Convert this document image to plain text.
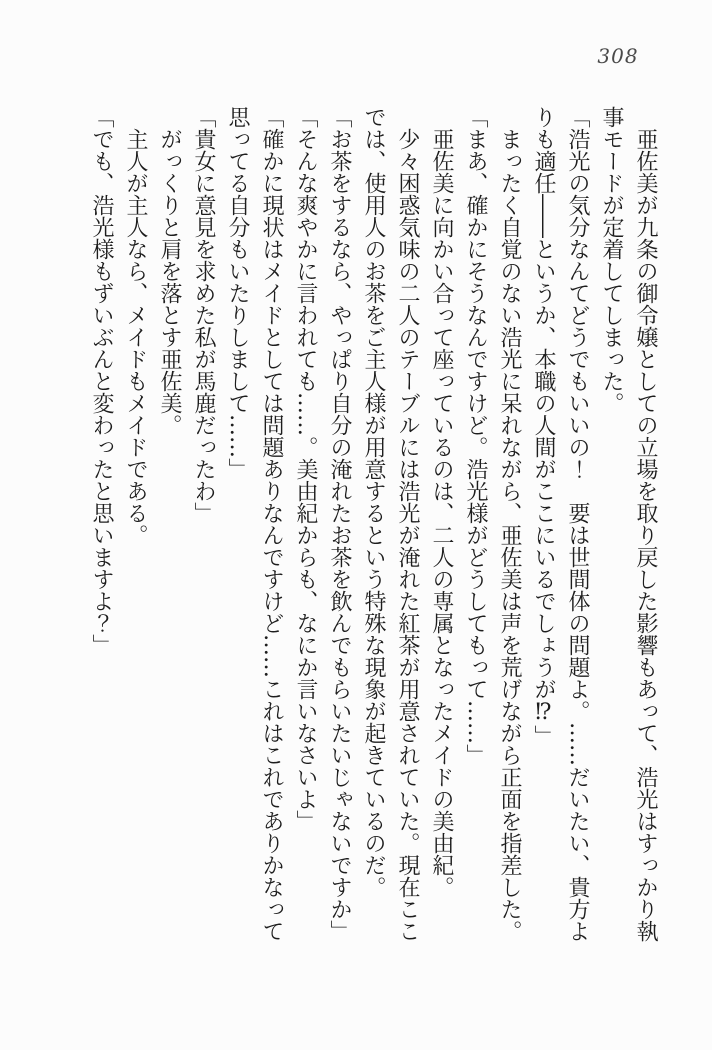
308
　亜佐美が九条の御令嬢としての立場を取り戻した影響もあって、浩光はすっかり執
事モードが定着してしまった。
「浩光の気分なんてどうでもいいの！　要は世間体の問題よ。……だいたい、貴方よ
りも適任――というか、本職の人間がここにいるでしょうが⁉」
　まったく自覚のない浩光に呆れながら、亜佐美は声を荒げながら正面を指差した。
「まあ、確かにそうなんですけど。浩光様がどうしてもって……」
　亜佐美に向かい合って座っているのは、二人の専属となったメイドの美由紀。
　少々困惑気味の二人のテーブルには浩光が淹れた紅茶が用意されていた。現在ここ
では、使用人のお茶をご主人様が用意するという特殊な現象が起きているのだ。
「お茶をするなら、やっぱり自分の淹れたお茶を飲んでもらいたいじゃないですか」
「そんな爽やかに言われても……。美由紀からも、なにか言いなさいよ」
「確かに現状はメイドとしては問題ありなんですけど……これはこれでありかなって
思ってる自分もいたりしまして……」
「貴女に意見を求めた私が馬鹿だったわ」
　がっくりと肩を落とす亜佐美。
　主人が主人なら、メイドもメイドである。
「でも、浩光様もずいぶんと変わったと思いますよ？」
